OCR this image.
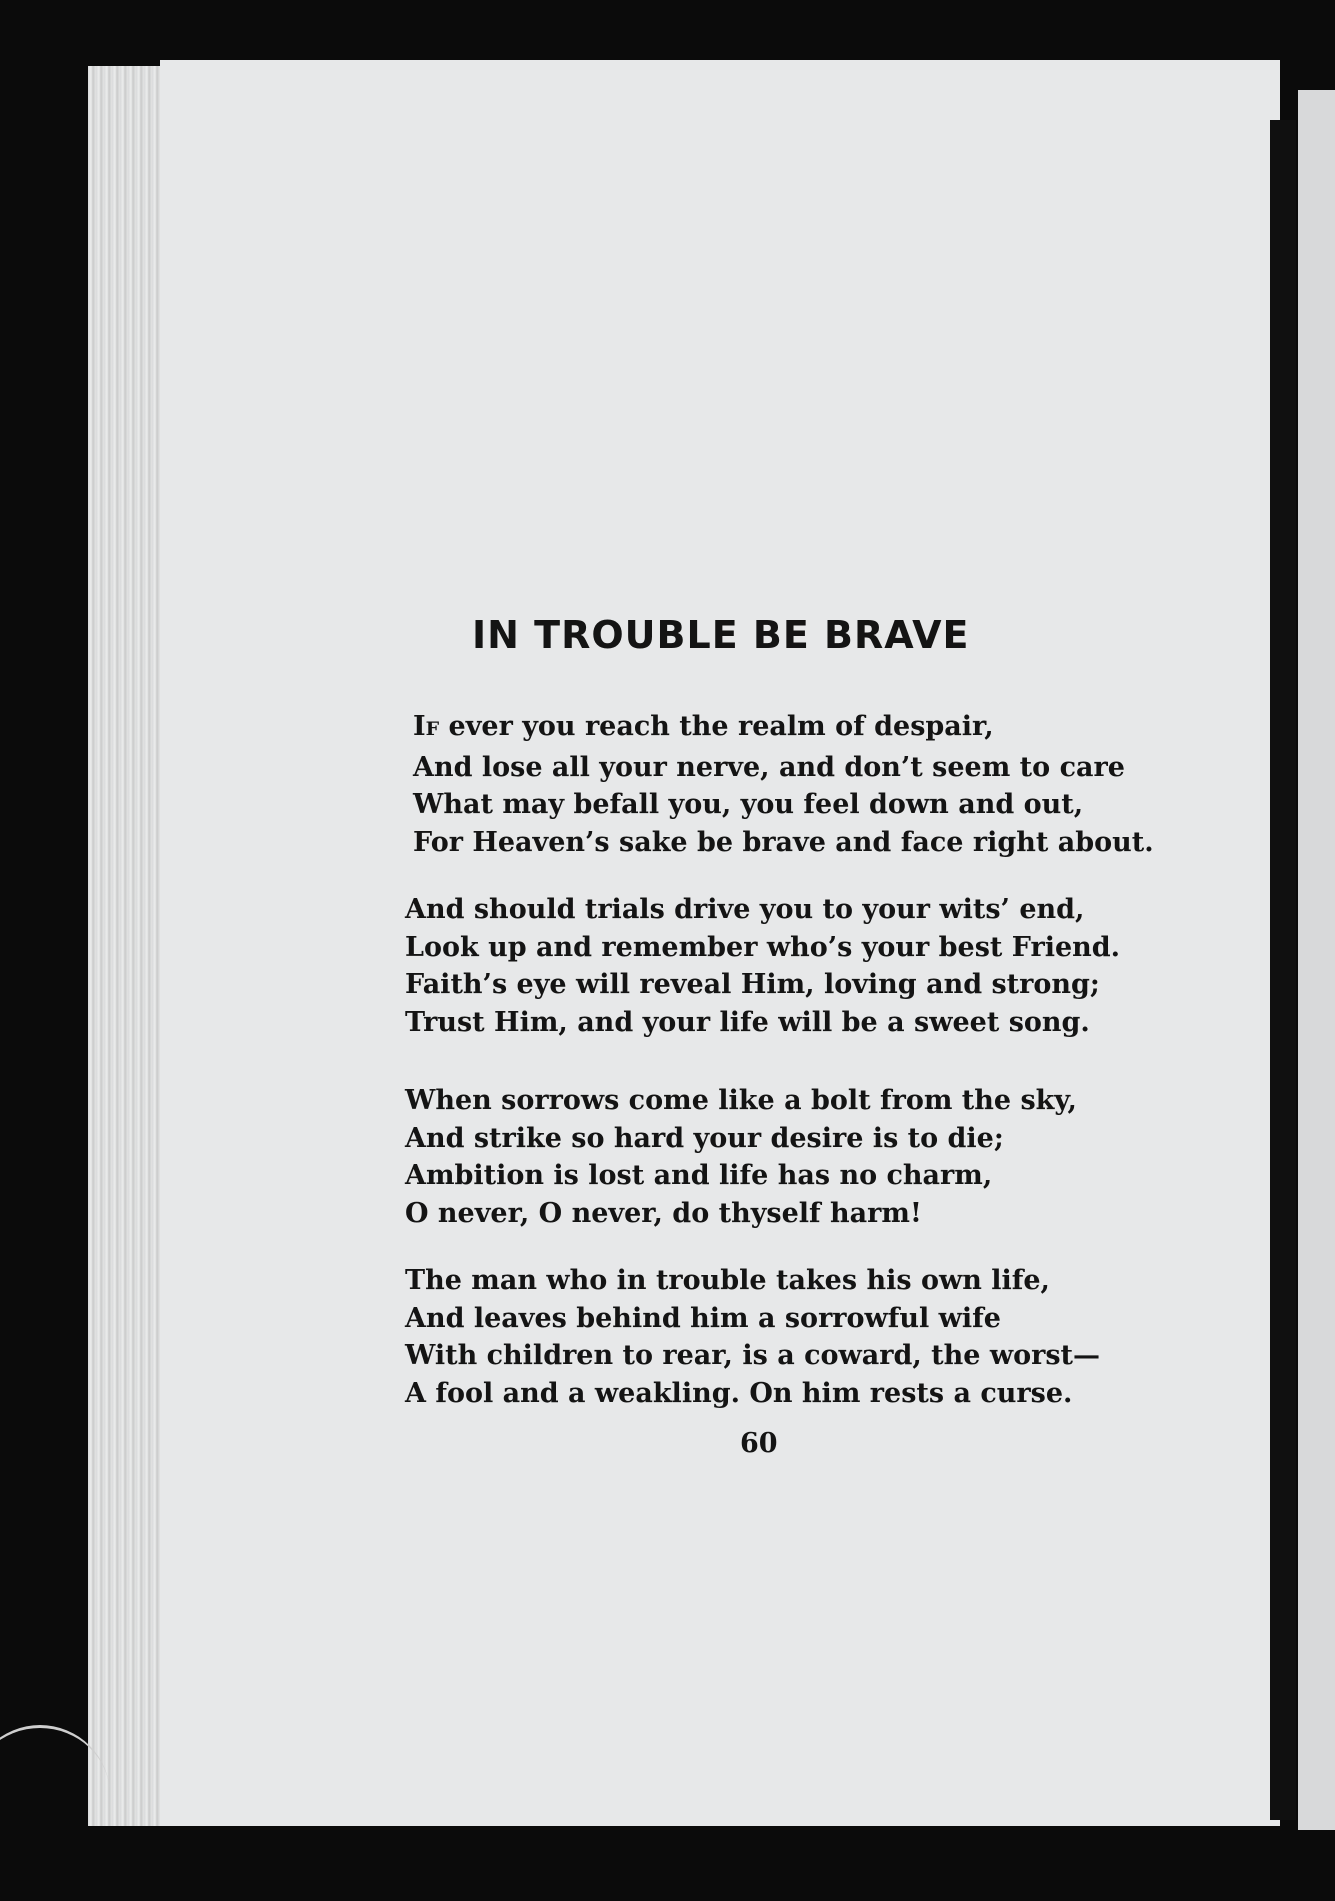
IN TROUBLE BE BRAVE

IF ever you reach the realm of despair,
And lose all your nerve, and don’t seem to care
What may befall you, you feel down and out,
For Heaven’s sake be brave and face right about.

And should trials drive you to your wits’ end,
Look up and remember who’s your best Friend.
Faith’s eye will reveal Him, loving and strong;
Trust Him, and your life will be a sweet song.

When sorrows come like a bolt from the sky,
And strike so hard your desire is to die;
Ambition is lost and life has no charm,
O never, O never, do thyself harm!

The man who in trouble takes his own life,
And leaves behind him a sorrowful wife
With children to rear, is a coward, the worst—
A fool and a weakling. On him rests a curse.

60
